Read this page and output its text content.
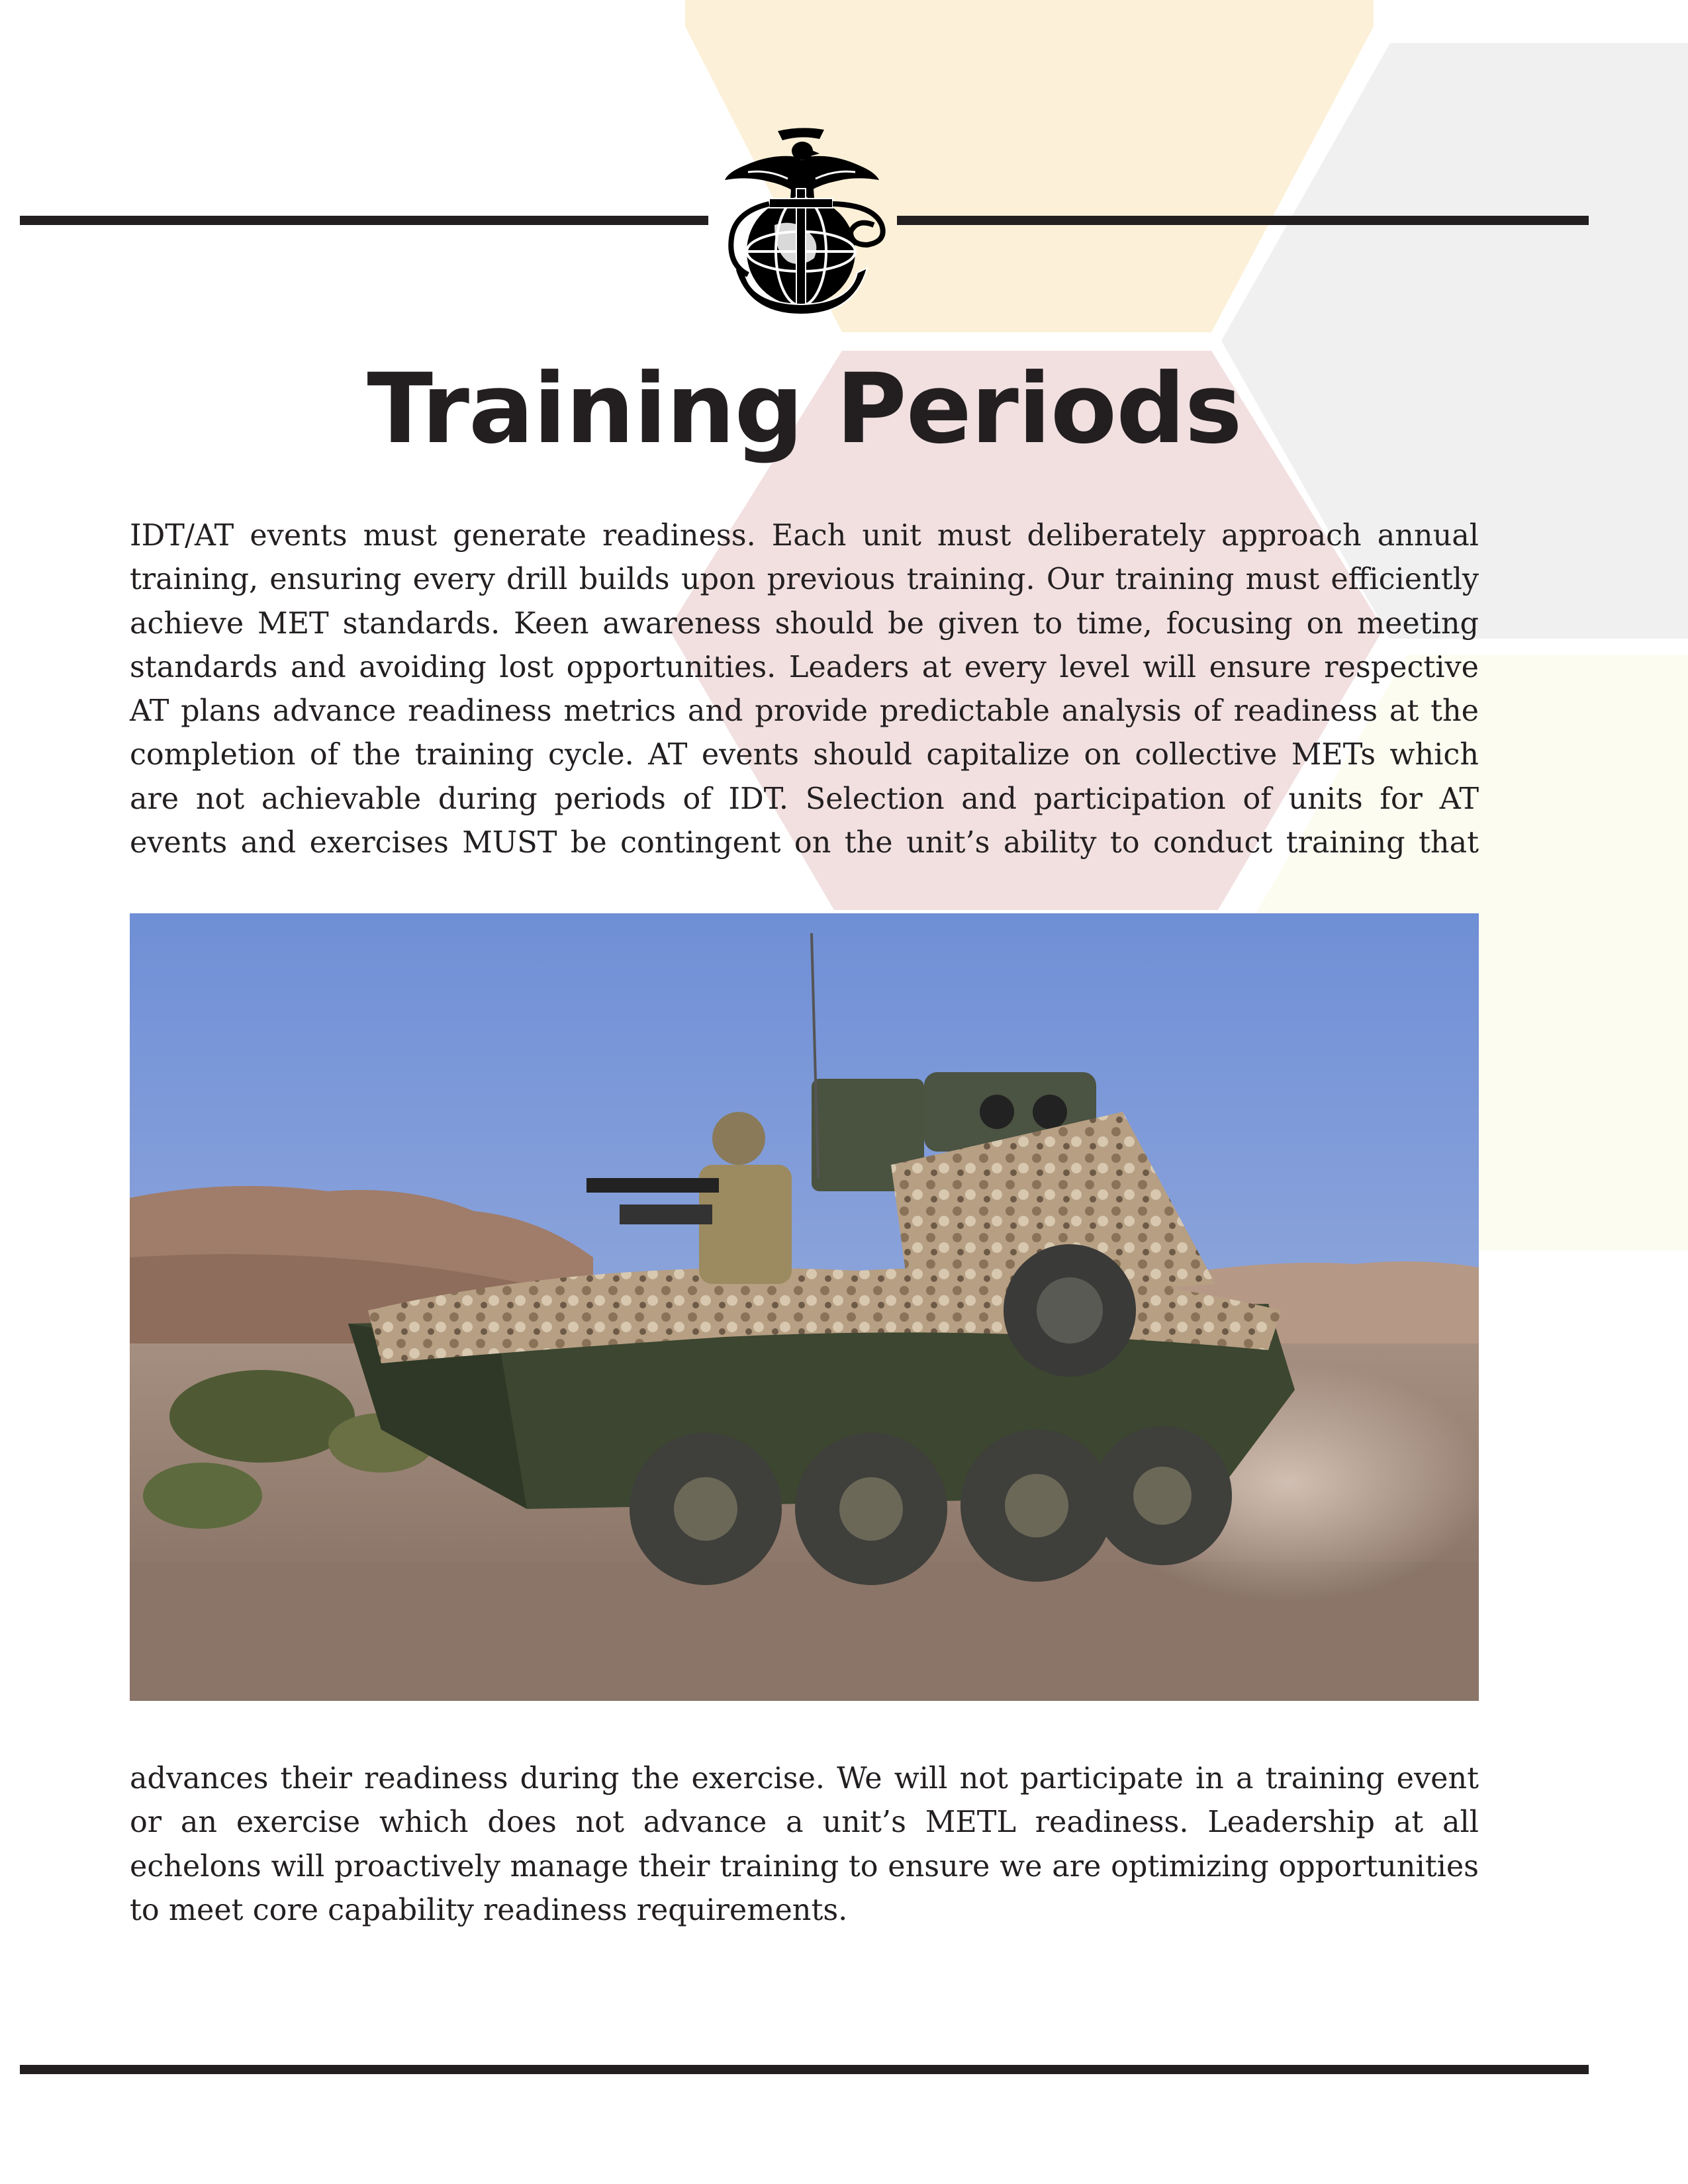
Training Periods

IDT/AT events must generate readiness. Each unit must deliberately approach annual training, ensuring every drill builds upon previous training. Our training must efficiently achieve MET standards. Keen awareness should be given to time, focusing on meeting standards and avoiding lost opportunities. Leaders at every level will ensure respective AT plans advance readiness metrics and provide predictable analysis of readiness at the completion of the training cycle. AT events should capitalize on collective METs which are not achievable during periods of IDT. Selection and participation of units for AT events and exercises MUST be contingent on the unit’s ability to conduct training that

advances their readiness during the exercise. We will not participate in a training event or an exercise which does not advance a unit’s METL readiness. Leadership at all echelons will proactively manage their training to ensure we are optimizing opportunities to meet core capability readiness requirements.
